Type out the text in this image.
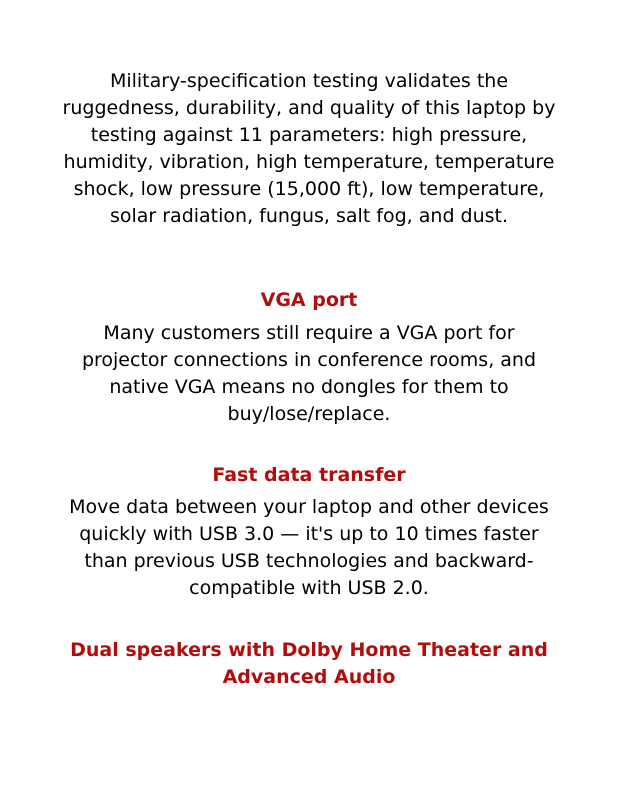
Military-specification testing validates the ruggedness, durability, and quality of this laptop by testing against 11 parameters: high pressure, humidity, vibration, high temperature, temperature shock, low pressure (15,000 ft), low temperature, solar radiation, fungus, salt fog, and dust.

VGA port

Many customers still require a VGA port for projector connections in conference rooms, and native VGA means no dongles for them to buy/lose/replace.

Fast data transfer

Move data between your laptop and other devices quickly with USB 3.0 — it's up to 10 times faster than previous USB technologies and backward-compatible with USB 2.0.

Dual speakers with Dolby Home Theater and Advanced Audio
